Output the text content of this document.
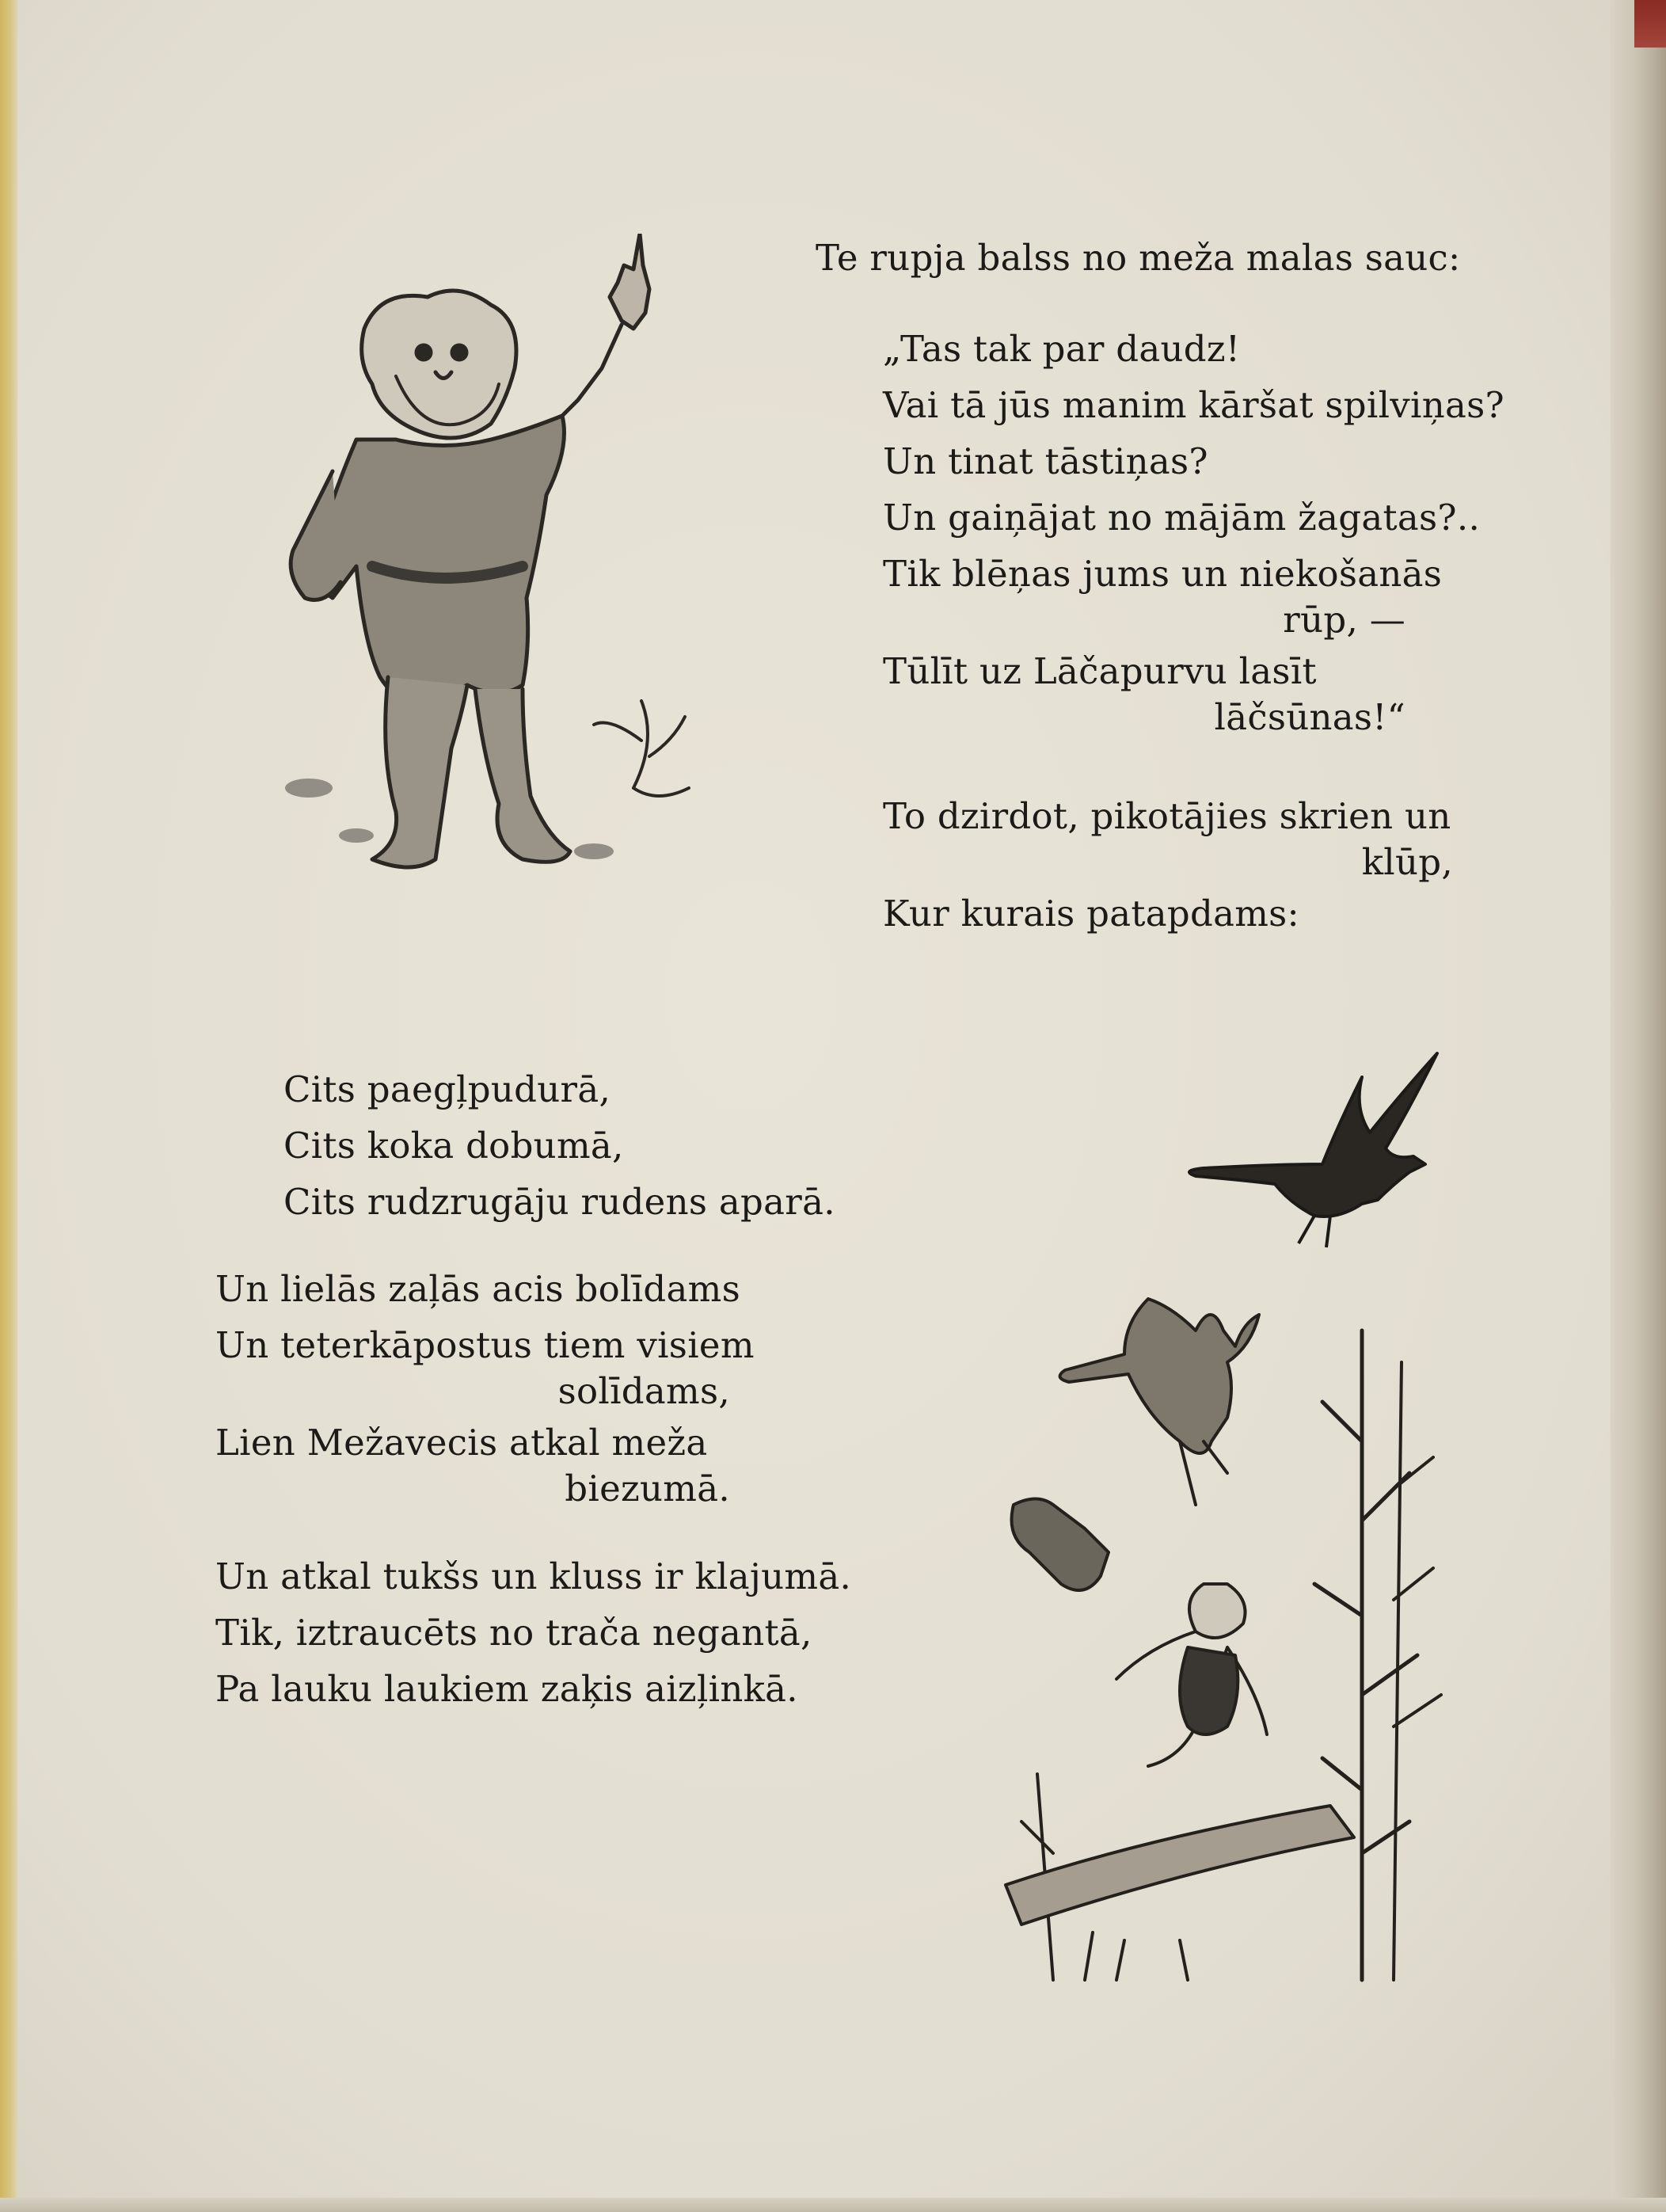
Te rupja balss no meža malas sauc:
„Tas tak par daudz!
Vai tā jūs manim kāršat spilviņas?
Un tinat tāstiņas?
Un gaiņājat no mājām žagatas?..
Tik blēņas jums un niekošanās
rūp, —
Tūlīt uz Lāčapurvu lasīt
lāčsūnas!“
To dzirdot, pikotājies skrien un
klūp,
Kur kurais patapdams:
Cits paegļpudurā,
Cits koka dobumā,
Cits rudzrugāju rudens aparā.
Un lielās zaļās acis bolīdams
Un teterkāpostus tiem visiem
solīdams,
Lien Mežavecis atkal meža
biezumā.
Un atkal tukšs un kluss ir klajumā.
Tik, iztraucēts no trača negantā,
Pa lauku laukiem zaķis aizļinkā.
